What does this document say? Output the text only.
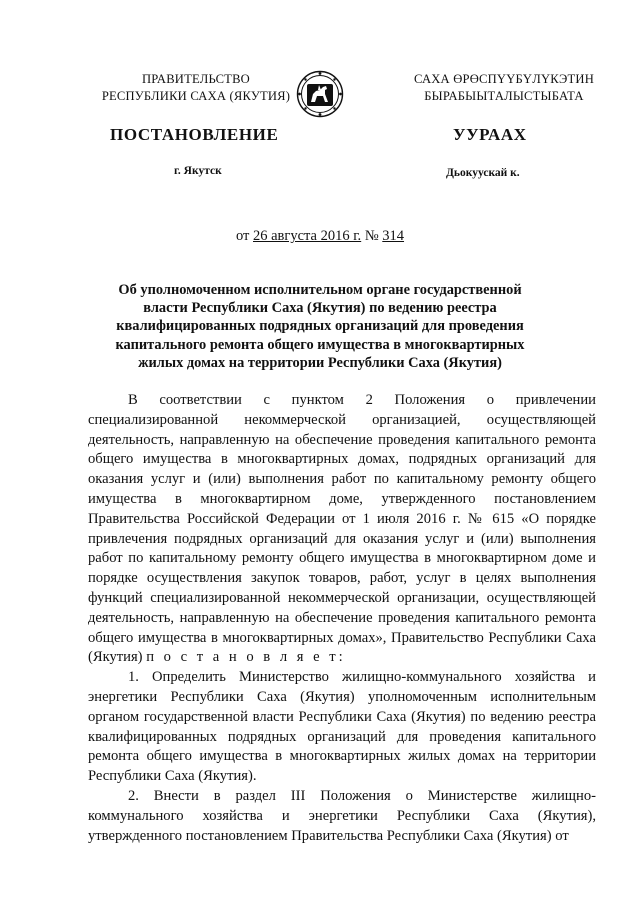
ПРАВИТЕЛЬСТВО
РЕСПУБЛИКИ САХА (ЯКУТИЯ)
САХА ӨРӨСПҮҮБҮЛҮКЭТИН
БЫРАБЫЫТАЛЫСТЫБАТА
ПОСТАНОВЛЕНИЕ	УУРААХ
г. Якутск	Дьокуускай к.
от 26 августа 2016 г. № 314
Об уполномоченном исполнительном органе государственной власти Республики Саха (Якутия) по ведению реестра квалифицированных подрядных организаций для проведения капитального ремонта общего имущества в многоквартирных жилых домах на территории Республики Саха (Якутия)

В соответствии с пунктом 2 Положения о привлечении специализированной некоммерческой организацией, осуществляющей деятельность, направленную на обеспечение проведения капитального ремонта общего имущества в многоквартирных домах, подрядных организаций для оказания услуг и (или) выполнения работ по капитальному ремонту общего имущества в многоквартирном доме, утвержденного постановлением Правительства Российской Федерации от 1 июля 2016 г. № 615 «О порядке привлечения подрядных организаций для оказания услуг и (или) выполнения работ по капитальному ремонту общего имущества в многоквартирном доме и порядке осуществления закупок товаров, работ, услуг в целях выполнения функций специализированной некоммерческой организации, осуществляющей деятельность, направленную на обеспечение проведения капитального ремонта общего имущества в многоквартирных домах», Правительство Республики Саха (Якутия) п о с т а н о в л я е т:

1. Определить Министерство жилищно-коммунального хозяйства и энергетики Республики Саха (Якутия) уполномоченным исполнительным органом государственной власти Республики Саха (Якутия) по ведению реестра квалифицированных подрядных организаций для проведения капитального ремонта общего имущества в многоквартирных жилых домах на территории Республики Саха (Якутия).

2. Внести в раздел III Положения о Министерстве жилищно-коммунального хозяйства и энергетики Республики Саха (Якутия), утвержденного постановлением Правительства Республики Саха (Якутия) от
